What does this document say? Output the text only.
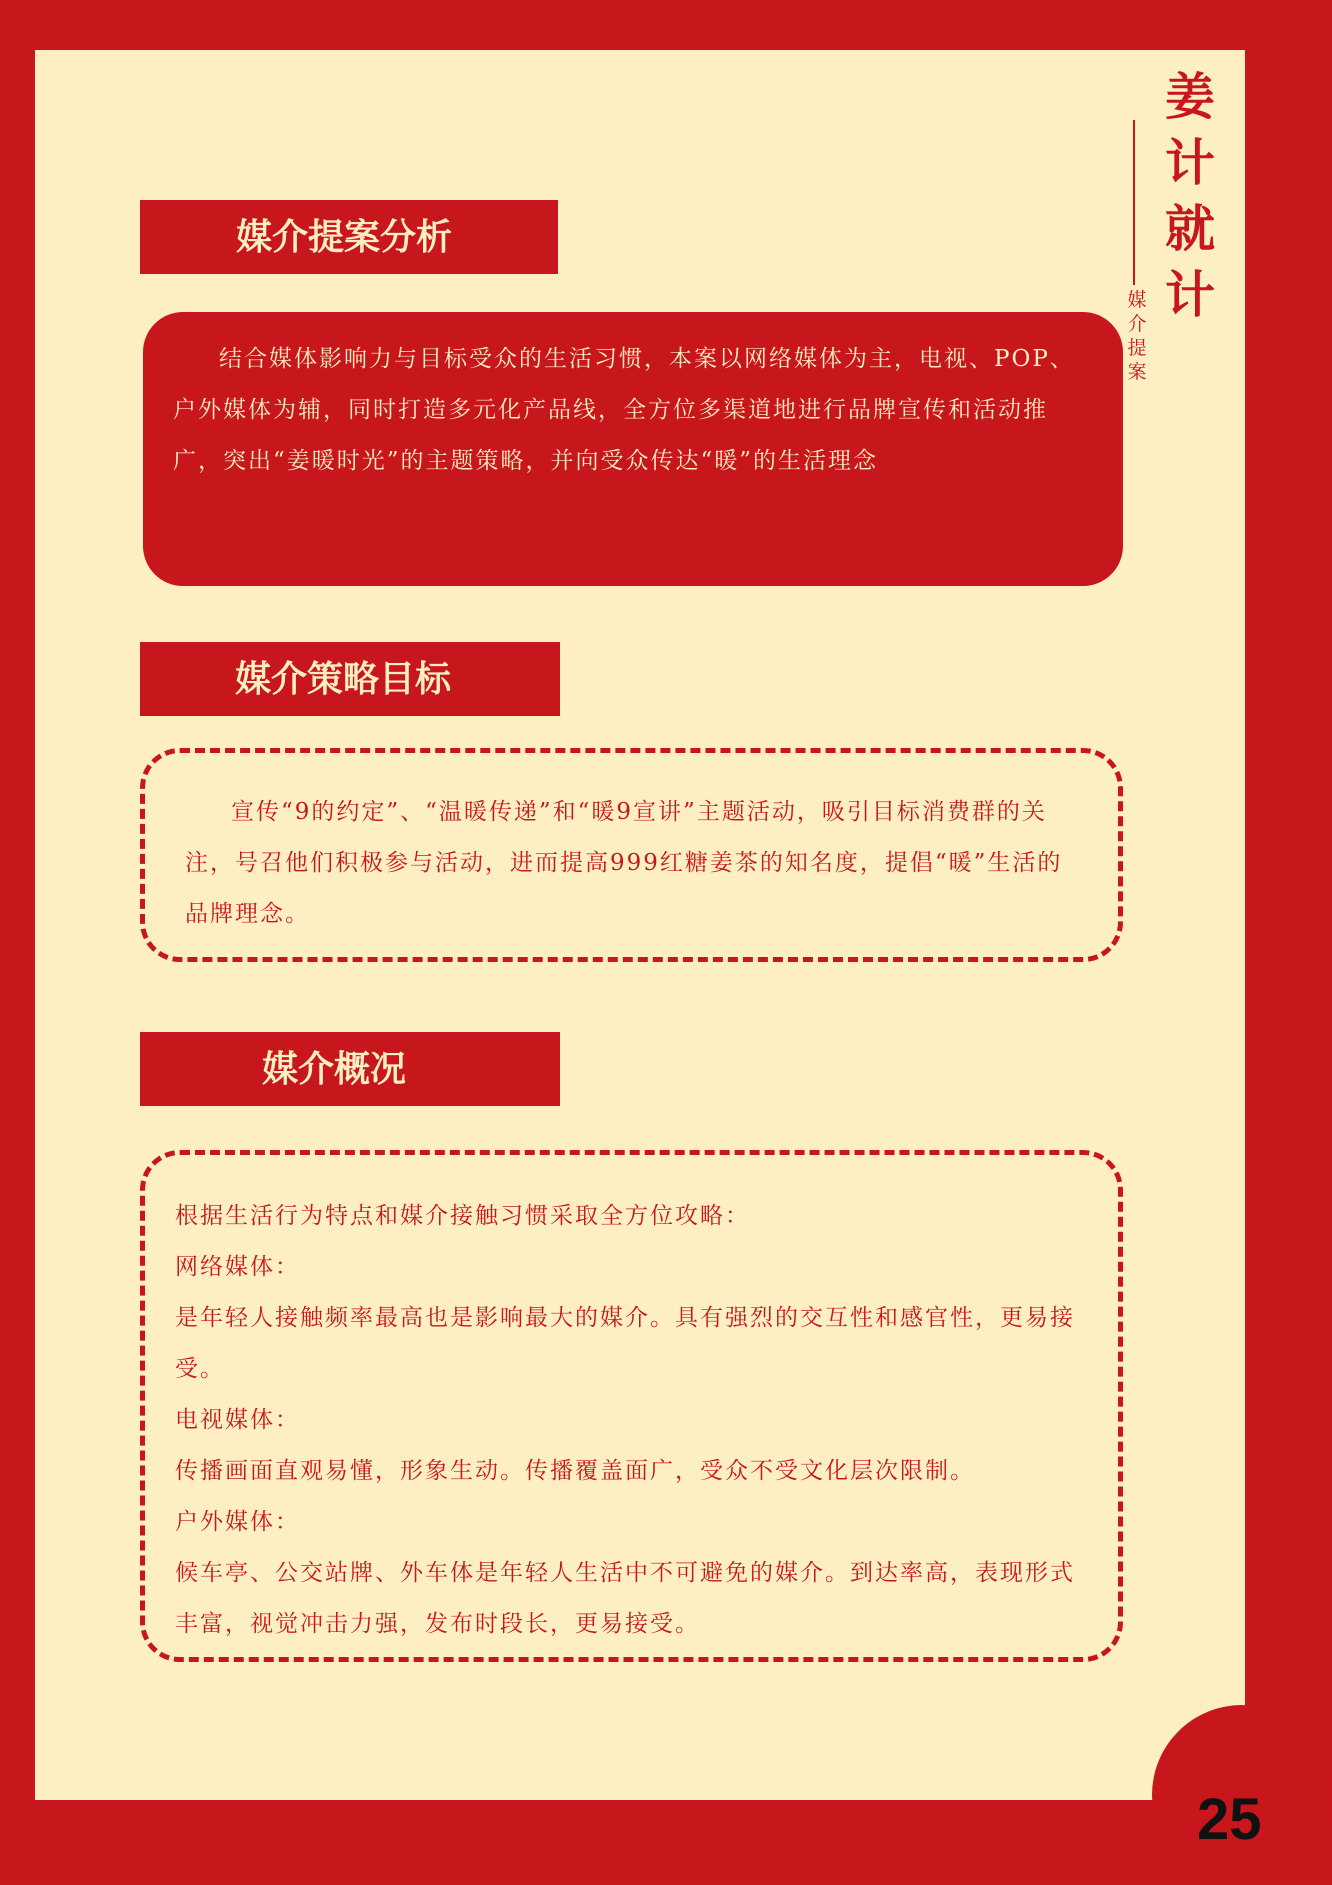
姜
计
就
计
媒
介
提
案
媒介提案分析

结合媒体影响力与目标受众的生活习惯，本案以网络媒体为主，电视、POP、户外媒体为辅，同时打造多元化产品线，全方位多渠道地进行品牌宣传和活动推广，突出“姜暖时光”的主题策略，并向受众传达“暖”的生活理念

媒介策略目标

宣传“9的约定”、“温暖传递”和“暖9宣讲”主题活动，吸引目标消费群的关注，号召他们积极参与活动，进而提高999红糖姜茶的知名度，提倡“暖”生活的品牌理念。

媒介概况

根据生活行为特点和媒介接触习惯采取全方位攻略：

网络媒体：

是年轻人接触频率最高也是影响最大的媒介。具有强烈的交互性和感官性，更易接受。

电视媒体：

传播画面直观易懂，形象生动。传播覆盖面广，受众不受文化层次限制。

户外媒体：

候车亭、公交站牌、外车体是年轻人生活中不可避免的媒介。到达率高，表现形式丰富，视觉冲击力强，发布时段长，更易接受。

25
